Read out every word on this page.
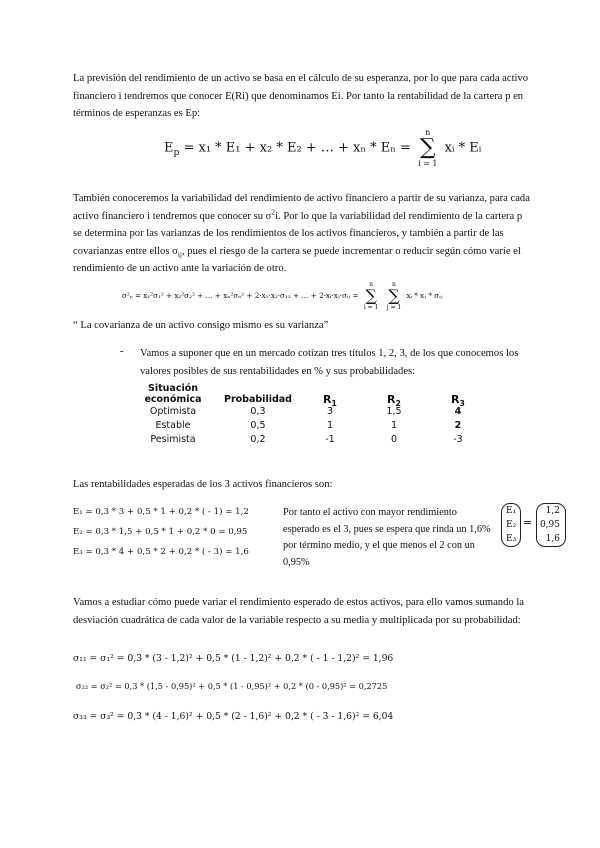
La previsión del rendimiento de un activo se basa en el cálculo de su esperanza, por lo que para cada activo financiero i tendremos que conocer E(Ri) que denominamos Ei. Por tanto la rentabilidad de la cartera p en términos de esperanzas es Ep:

$E_p = x_1 * E_1 + x_2 * E_2$ + … + xₙ * Eₙ = n
∑
i = 1 xᵢ * Eᵢ

También conoceremos la variabilidad del rendimiento de activo financiero a partir de su varianza, para cada activo financiero i tendremos que conocer su $\sigma^2i$. Por lo que la variabilidad del rendimiento de la cartera p se determina por las varianzas de los rendimientos de los activos financieros, y también a partir de las covarianzas entre ellos $\sigma_{ij}$, pues el riesgo de la cartera se puede incrementar o reducir según cómo varíe el rendimiento de un activo ante la variación de otro.

σ²ₚ = x₁²σ₁² + x₂²σ₂² + … + xₙ²σₙ² + 2·x₁·x₂·σ₁₂ + … + 2·xᵢ·xⱼ·σᵢⱼ = n
∑
i = 1 n
∑
j = 1 xᵢ * xⱼ * σᵢⱼ

“ La covarianza de un activo consigo mismo es su varianza”

- Vamos a suponer que en un mercado cotizan tres títulos 1, 2, 3, de los que conocemos los valores posibles de sus rentabilidades en % y sus probabilidades:

Situación económica	Probabilidad	$R_1$	$R_2$	$R_3$
Optimista	0,3	3	1,5	4
Estable	0,5	1	1	2
Pesimista	0,2	-1	0	-3

Las rentabilidades esperadas de los 3 activos financieros son:

E₁ = 0,3 * 3 + 0,5 * 1 + 0,2 * ( - 1) = 1,2
E₂ = 0,3 * 1,5 + 0,5 * 1 + 0,2 * 0 = 0,95
E₃ = 0,3 * 4 + 0,5 * 2 + 0,2 * ( - 3) = 1,6

Por tanto el activo con mayor rendimiento esperado es el 3, pues se espera que rinda un 1,6% por término medio, y el que menos el 2 con un 0,95%

E₁
E₂
E₃
=
1,2
0,95
1,6

Vamos a estudiar cómo puede variar el rendimiento esperado de estos activos, para ello vamos sumando la desviación cuadrática de cada valor de la variable respecto a su media y multiplicada por su probabilidad:

σ₁₁ = σ₁² = 0,3 * (3 - 1,2)² + 0,5 * (1 - 1,2)² + 0,2 * ( - 1 - 1,2)² = 1,96
σ₂₂ = σ₂² = 0,3 * (1,5 - 0,95)² + 0,5 * (1 - 0,95)² + 0,2 * (0 - 0,95)² = 0,2725
σ₃₃ = σ₃² = 0,3 * (4 - 1,6)² + 0,5 * (2 - 1,6)² + 0,2 * ( - 3 - 1,6)² = 6,04
